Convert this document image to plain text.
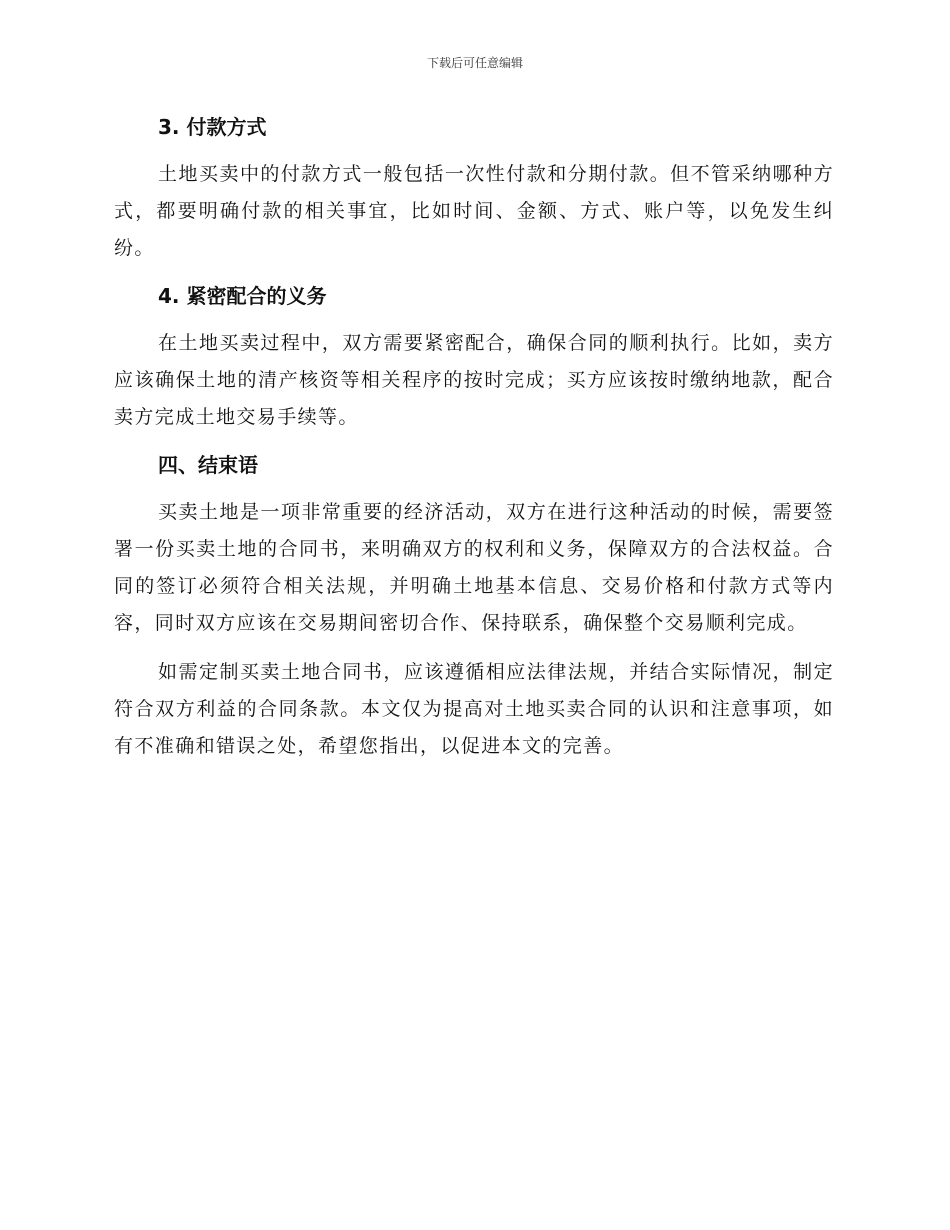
下载后可任意编辑
3. 付款方式

土地买卖中的付款方式一般包括一次性付款和分期付款。但不管采纳哪种方式，都要明确付款的相关事宜，比如时间、金额、方式、账户等，以免发生纠纷。

4. 紧密配合的义务

在土地买卖过程中，双方需要紧密配合，确保合同的顺利执行。比如，卖方应该确保土地的清产核资等相关程序的按时完成；买方应该按时缴纳地款，配合卖方完成土地交易手续等。

四、结束语

买卖土地是一项非常重要的经济活动，双方在进行这种活动的时候，需要签署一份买卖土地的合同书，来明确双方的权利和义务，保障双方的合法权益。合同的签订必须符合相关法规，并明确土地基本信息、交易价格和付款方式等内容，同时双方应该在交易期间密切合作、保持联系，确保整个交易顺利完成。

如需定制买卖土地合同书，应该遵循相应法律法规，并结合实际情况，制定符合双方利益的合同条款。本文仅为提高对土地买卖合同的认识和注意事项，如有不准确和错误之处，希望您指出，以促进本文的完善。
